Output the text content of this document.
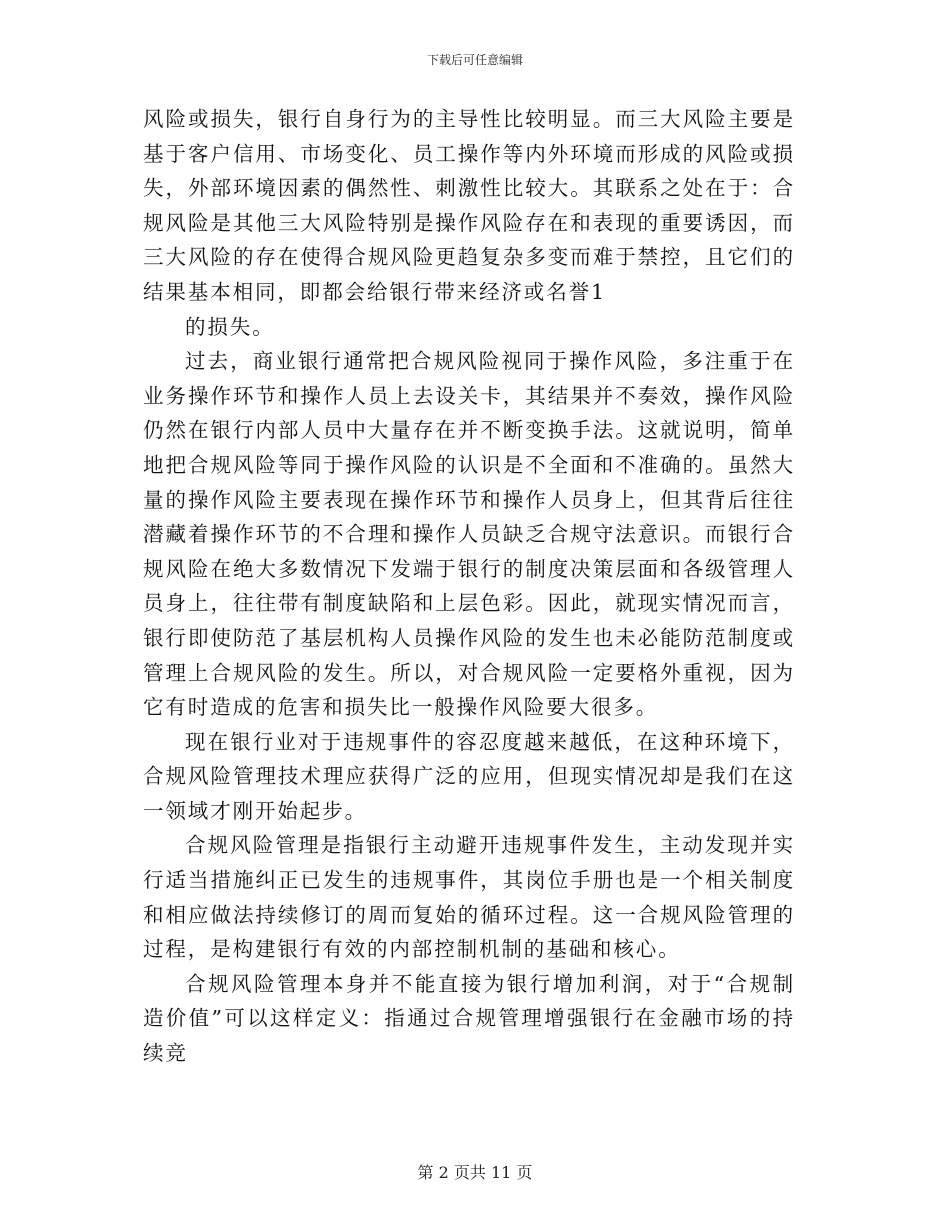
下载后可任意编辑

风险或损失，银行自身行为的主导性比较明显。而三大风险主要是基于客户信用、市场变化、员工操作等内外环境而形成的风险或损失，外部环境因素的偶然性、刺激性比较大。其联系之处在于：合规风险是其他三大风险特别是操作风险存在和表现的重要诱因，而三大风险的存在使得合规风险更趋复杂多变而难于禁控，且它们的结果基本相同，即都会给银行带来经济或名誉1

的损失。

过去，商业银行通常把合规风险视同于操作风险，多注重于在业务操作环节和操作人员上去设关卡，其结果并不奏效，操作风险仍然在银行内部人员中大量存在并不断变换手法。这就说明，简单地把合规风险等同于操作风险的认识是不全面和不准确的。虽然大量的操作风险主要表现在操作环节和操作人员身上，但其背后往往潜藏着操作环节的不合理和操作人员缺乏合规守法意识。而银行合规风险在绝大多数情况下发端于银行的制度决策层面和各级管理人员身上，往往带有制度缺陷和上层色彩。因此，就现实情况而言，银行即使防范了基层机构人员操作风险的发生也未必能防范制度或管理上合规风险的发生。所以，对合规风险一定要格外重视，因为它有时造成的危害和损失比一般操作风险要大很多。

现在银行业对于违规事件的容忍度越来越低，在这种环境下，合规风险管理技术理应获得广泛的应用，但现实情况却是我们在这一领域才刚开始起步。

合规风险管理是指银行主动避开违规事件发生，主动发现并实行适当措施纠正已发生的违规事件，其岗位手册也是一个相关制度和相应做法持续修订的周而复始的循环过程。这一合规风险管理的过程，是构建银行有效的内部控制机制的基础和核心。

合规风险管理本身并不能直接为银行增加利润，对于“合规制造价值”可以这样定义：指通过合规管理增强银行在金融市场的持续竞

第 2 页共 11 页
